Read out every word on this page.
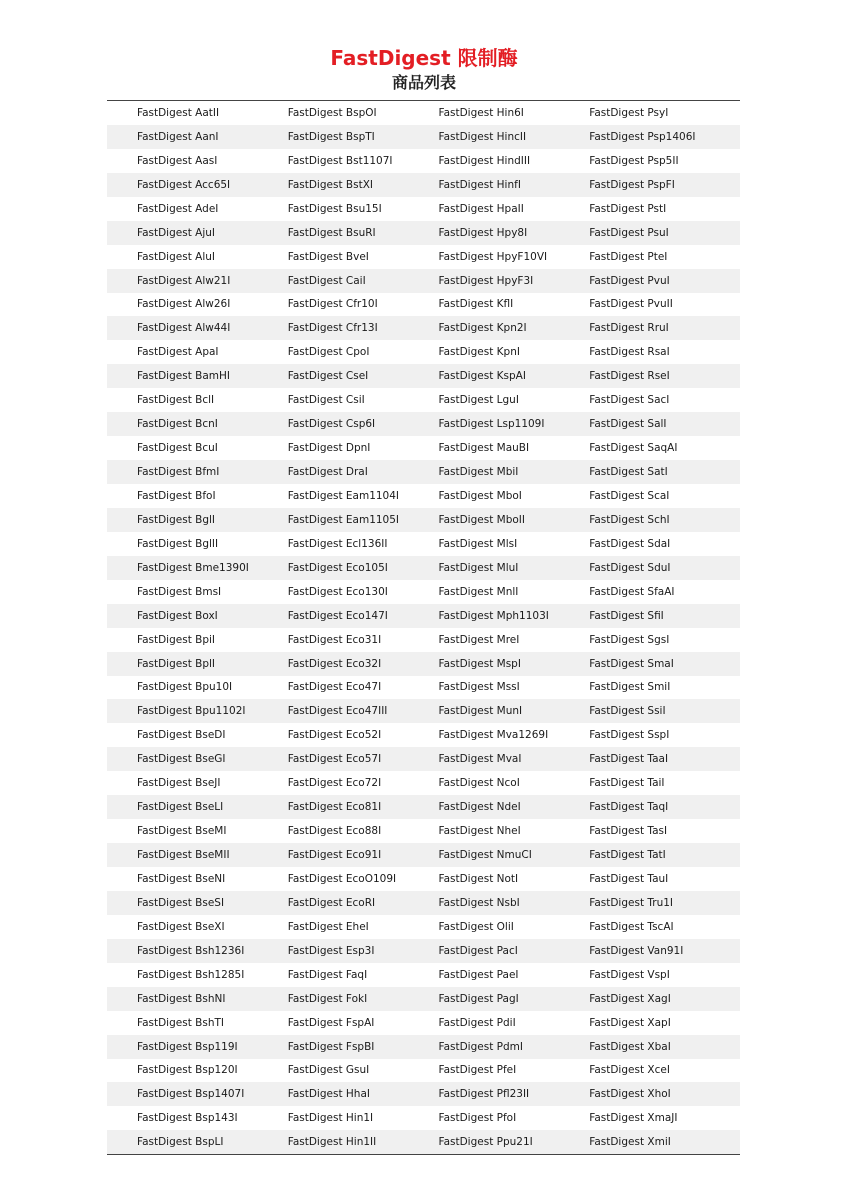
FastDigest 限制酶
商品列表
FastDigest AatII	FastDigest BspOI	FastDigest Hin6I	FastDigest PsyI
FastDigest AanI	FastDigest BspTI	FastDigest HincII	FastDigest Psp1406I
FastDigest AasI	FastDigest Bst1107I	FastDigest HindIII	FastDigest Psp5II
FastDigest Acc65I	FastDigest BstXI	FastDigest HinfI	FastDigest PspFI
FastDigest AdeI	FastDigest Bsu15I	FastDigest HpaII	FastDigest PstI
FastDigest AjuI	FastDigest BsuRI	FastDigest Hpy8I	FastDigest PsuI
FastDigest AluI	FastDigest BveI	FastDigest HpyF10VI	FastDigest PteI
FastDigest Alw21I	FastDigest CaiI	FastDigest HpyF3I	FastDigest PvuI
FastDigest Alw26I	FastDigest Cfr10I	FastDigest KflI	FastDigest PvuII
FastDigest Alw44I	FastDigest Cfr13I	FastDigest Kpn2I	FastDigest RruI
FastDigest ApaI	FastDigest CpoI	FastDigest KpnI	FastDigest RsaI
FastDigest BamHI	FastDigest CseI	FastDigest KspAI	FastDigest RseI
FastDigest BclI	FastDigest CsiI	FastDigest LguI	FastDigest SacI
FastDigest BcnI	FastDigest Csp6I	FastDigest Lsp1109I	FastDigest SalI
FastDigest BcuI	FastDigest DpnI	FastDigest MauBI	FastDigest SaqAI
FastDigest BfmI	FastDigest DraI	FastDigest MbiI	FastDigest SatI
FastDigest BfoI	FastDigest Eam1104I	FastDigest MboI	FastDigest ScaI
FastDigest BglI	FastDigest Eam1105I	FastDigest MboII	FastDigest SchI
FastDigest BglII	FastDigest Ecl136II	FastDigest MlsI	FastDigest SdaI
FastDigest Bme1390I	FastDigest Eco105I	FastDigest MluI	FastDigest SduI
FastDigest BmsI	FastDigest Eco130I	FastDigest MnlI	FastDigest SfaAI
FastDigest BoxI	FastDigest Eco147I	FastDigest Mph1103I	FastDigest SfiI
FastDigest BpiI	FastDigest Eco31I	FastDigest MreI	FastDigest SgsI
FastDigest BplI	FastDigest Eco32I	FastDigest MspI	FastDigest SmaI
FastDigest Bpu10I	FastDigest Eco47I	FastDigest MssI	FastDigest SmiI
FastDigest Bpu1102I	FastDigest Eco47III	FastDigest MunI	FastDigest SsiI
FastDigest BseDI	FastDigest Eco52I	FastDigest Mva1269I	FastDigest SspI
FastDigest BseGI	FastDigest Eco57I	FastDigest MvaI	FastDigest TaaI
FastDigest BseJI	FastDigest Eco72I	FastDigest NcoI	FastDigest TaiI
FastDigest BseLI	FastDigest Eco81I	FastDigest NdeI	FastDigest TaqI
FastDigest BseMI	FastDigest Eco88I	FastDigest NheI	FastDigest TasI
FastDigest BseMII	FastDigest Eco91I	FastDigest NmuCI	FastDigest TatI
FastDigest BseNI	FastDigest EcoO109I	FastDigest NotI	FastDigest TauI
FastDigest BseSI	FastDigest EcoRI	FastDigest NsbI	FastDigest Tru1I
FastDigest BseXI	FastDigest EheI	FastDigest OliI	FastDigest TscAI
FastDigest Bsh1236I	FastDigest Esp3I	FastDigest PacI	FastDigest Van91I
FastDigest Bsh1285I	FastDigest FaqI	FastDigest PaeI	FastDigest VspI
FastDigest BshNI	FastDigest FokI	FastDigest PagI	FastDigest XagI
FastDigest BshTI	FastDigest FspAI	FastDigest PdiI	FastDigest XapI
FastDigest Bsp119I	FastDigest FspBI	FastDigest PdmI	FastDigest XbaI
FastDigest Bsp120I	FastDigest GsuI	FastDigest PfeI	FastDigest XceI
FastDigest Bsp1407I	FastDigest HhaI	FastDigest Pfl23II	FastDigest XhoI
FastDigest Bsp143I	FastDigest Hin1I	FastDigest PfoI	FastDigest XmaJI
FastDigest BspLI	FastDigest Hin1II	FastDigest Ppu21I	FastDigest XmiI
